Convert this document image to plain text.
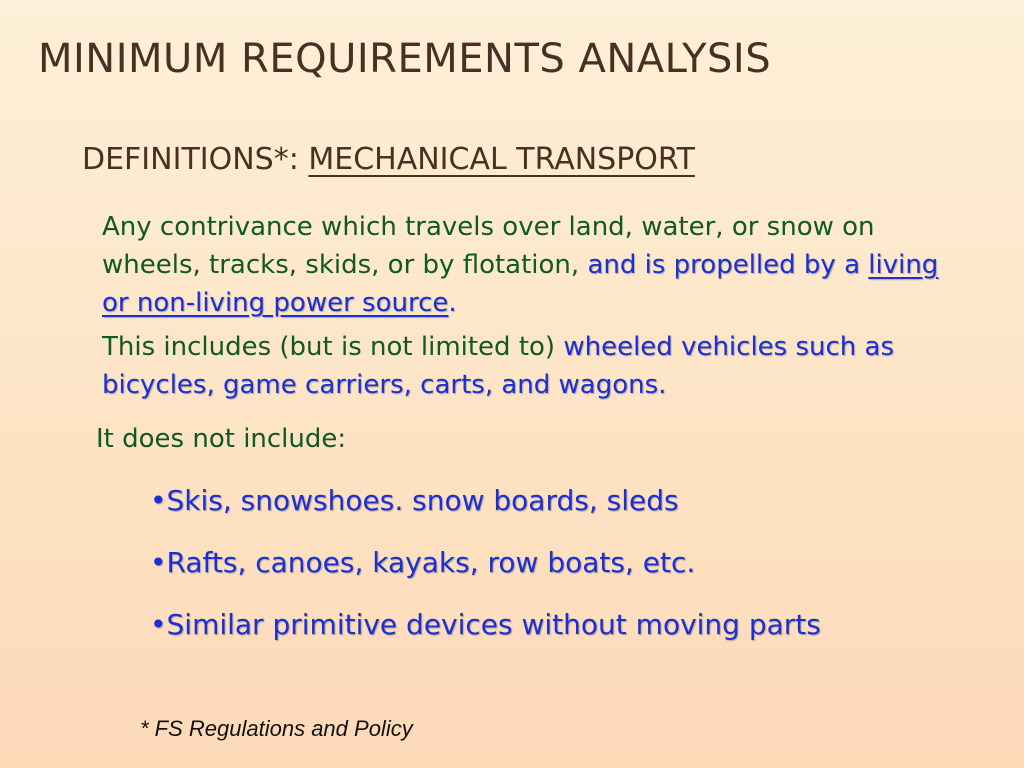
MINIMUM REQUIREMENTS ANALYSIS
DEFINITIONS*: MECHANICAL TRANSPORT
Any contrivance which travels over land, water, or snow on wheels, tracks, skids, or by flotation, and is propelled by a living or non-living power source.
This includes (but is not limited to) wheeled vehicles such as bicycles, game carriers, carts, and wagons.
It does not include:
•Skis, snowshoes. snow boards, sleds
•Rafts, canoes, kayaks, row boats, etc.
•Similar primitive devices without moving parts
* FS Regulations and Policy
